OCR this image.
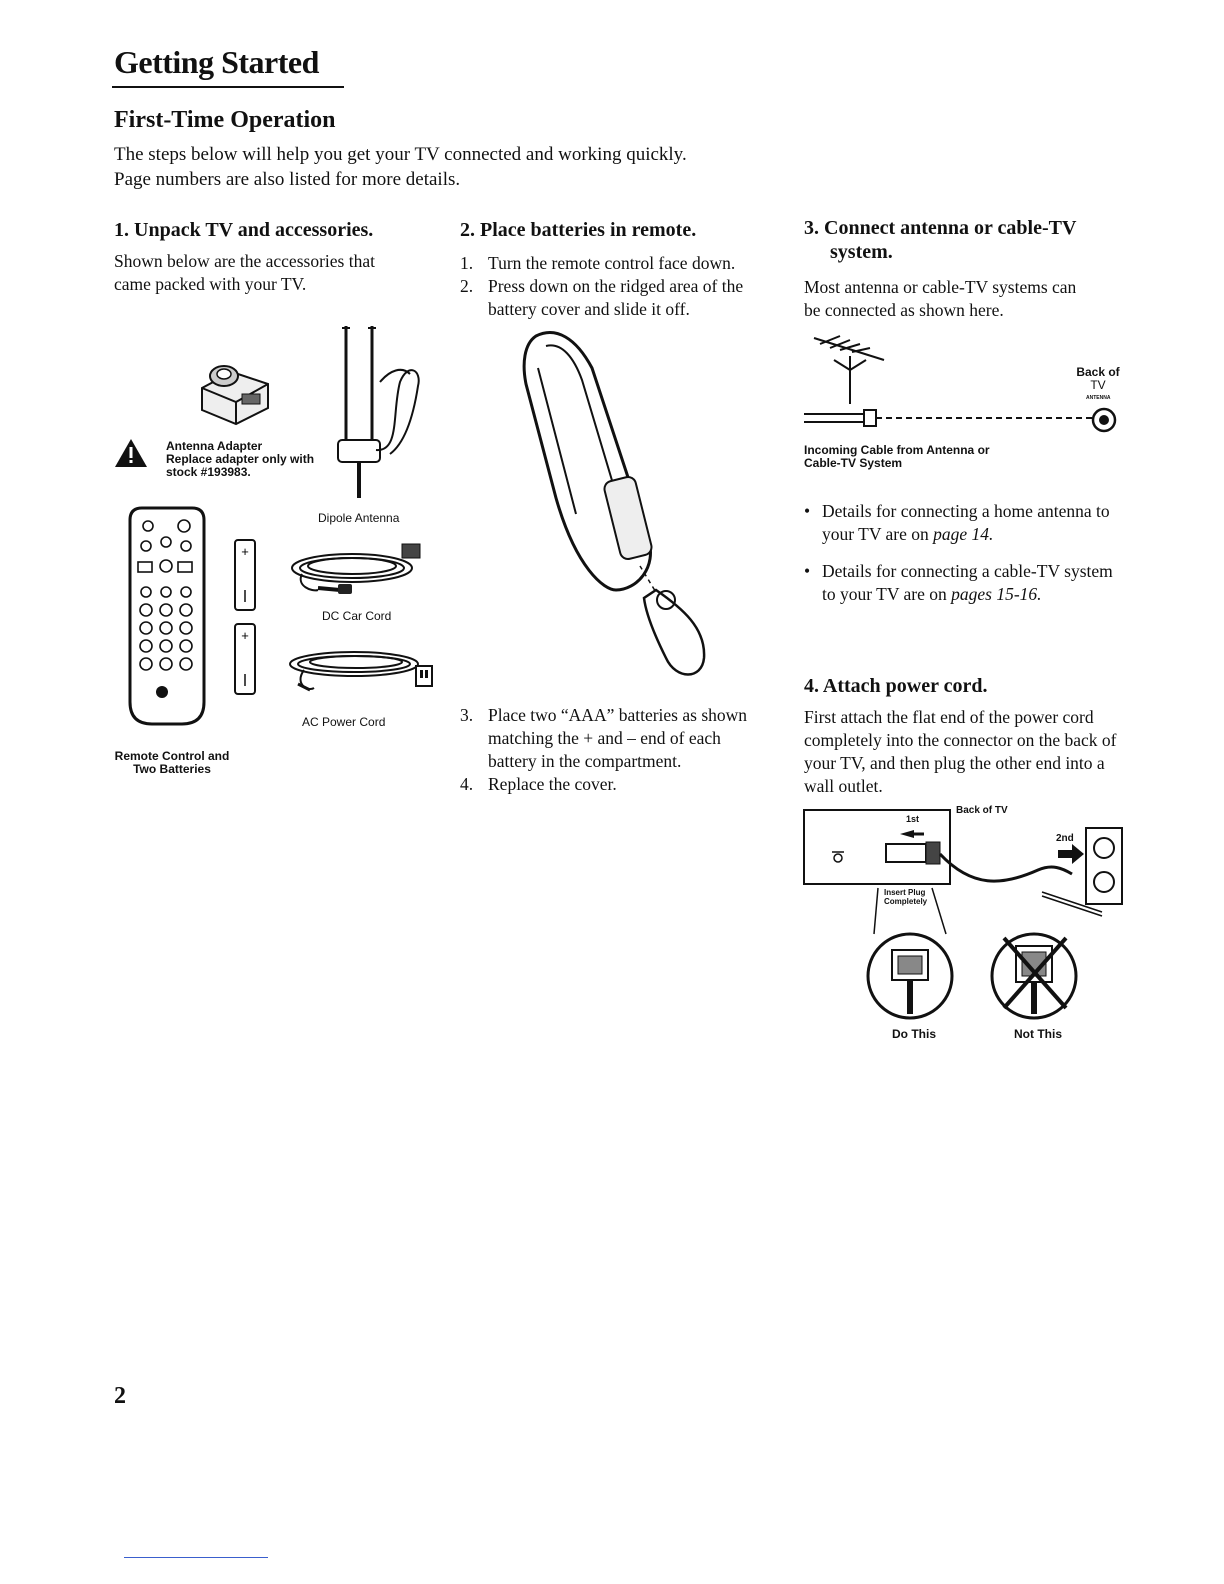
Getting Started
First-Time Operation
The steps below will help you get your TV connected and working quickly.
Page numbers are also listed for more details.
1. Unpack TV and accessories.
Shown below are the accessories that
came packed with your TV.
Antenna Adapter
Replace adapter only with
stock #193983.
Dipole Antenna
+
+
Remote Control and
Two Batteries
DC Car Cord
AC Power Cord
2. Place batteries in remote.
1. Turn the remote control face down.
2. Press down on the ridged area of the battery cover and slide it off.
3. Place two “AAA” batteries as shown matching the + and – end of each battery in the compartment.
4. Replace the cover.
3. Connect antenna or cable-TV
system.
Most antenna or cable-TV systems can
be connected as shown here.
Back of
TV
ANTENNA
Incoming Cable from Antenna or
Cable-TV System
• Details for connecting a home antenna to your TV are on page 14.
• Details for connecting a cable-TV system to your TV are on pages 15-16.
4. Attach power cord.
First attach the flat end of the power cord completely into the connector on the back of your TV, and then plug the other end into a wall outlet.
Back of TV
1st
2nd
Insert Plug
Completely
Do This	Not This
2
